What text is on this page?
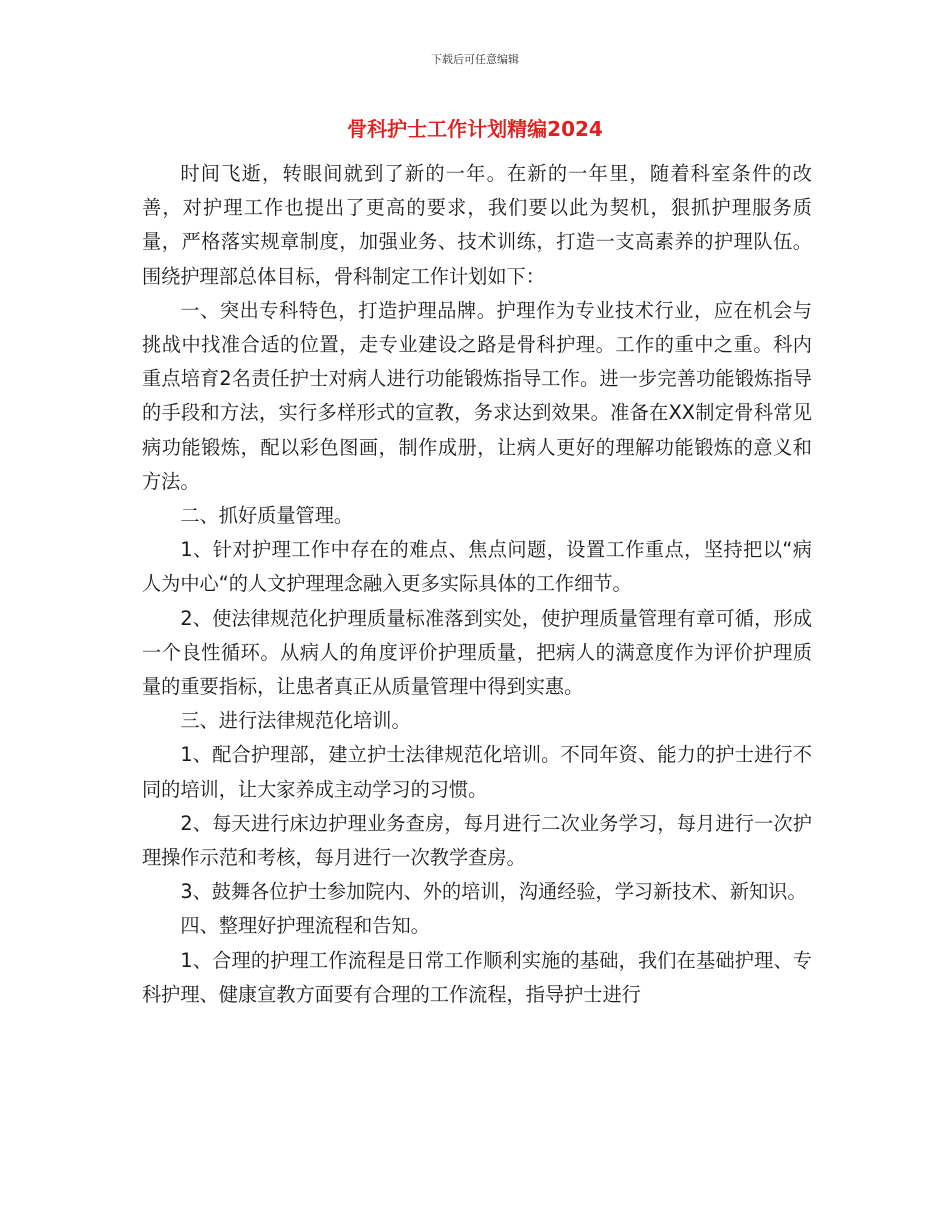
下载后可任意编辑
骨科护士工作计划精编2024

时间飞逝，转眼间就到了新的一年。在新的一年里，随着科室条件的改善，对护理工作也提出了更高的要求，我们要以此为契机，狠抓护理服务质量，严格落实规章制度，加强业务、技术训练，打造一支高素养的护理队伍。围绕护理部总体目标，骨科制定工作计划如下：

一、突出专科特色，打造护理品牌。护理作为专业技术行业，应在机会与挑战中找准合适的位置，走专业建设之路是骨科护理。工作的重中之重。科内重点培育2名责任护士对病人进行功能锻炼指导工作。进一步完善功能锻炼指导的手段和方法，实行多样形式的宣教，务求达到效果。准备在XX制定骨科常见病功能锻炼，配以彩色图画，制作成册，让病人更好的理解功能锻炼的意义和方法。

二、抓好质量管理。

1、针对护理工作中存在的难点、焦点问题，设置工作重点，坚持把以“病人为中心“的人文护理理念融入更多实际具体的工作细节。

2、使法律规范化护理质量标准落到实处，使护理质量管理有章可循，形成一个良性循环。从病人的角度评价护理质量，把病人的满意度作为评价护理质量的重要指标，让患者真正从质量管理中得到实惠。

三、进行法律规范化培训。

1、配合护理部，建立护士法律规范化培训。不同年资、能力的护士进行不同的培训，让大家养成主动学习的习惯。

2、每天进行床边护理业务查房，每月进行二次业务学习，每月进行一次护理操作示范和考核，每月进行一次教学查房。

3、鼓舞各位护士参加院内、外的培训，沟通经验，学习新技术、新知识。

四、整理好护理流程和告知。

1、合理的护理工作流程是日常工作顺利实施的基础，我们在基础护理、专科护理、健康宣教方面要有合理的工作流程，指导护士进行
